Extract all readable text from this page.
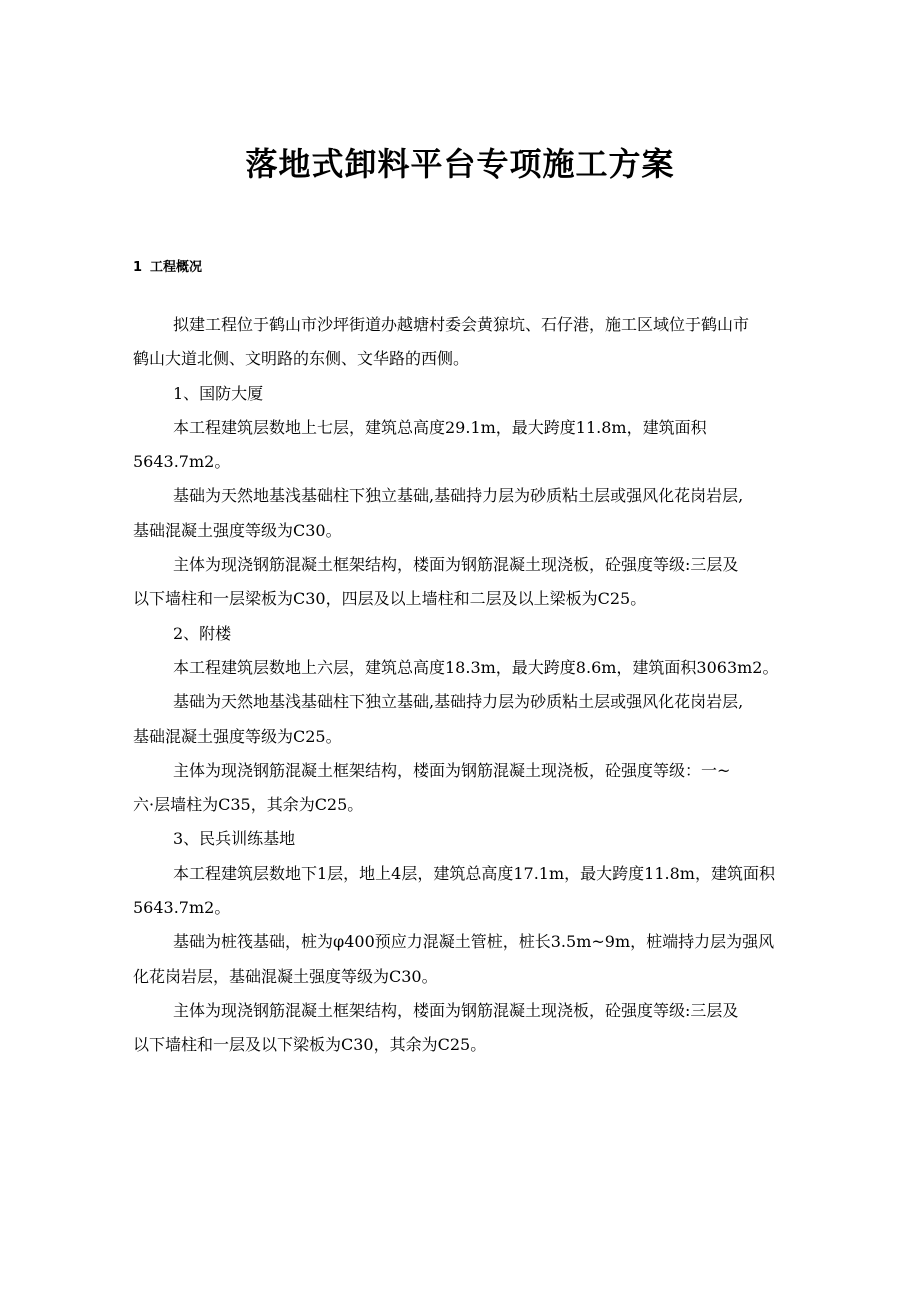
落地式卸料平台专项施工方案
1 工程概况

拟建工程位于鹤山市沙坪街道办越塘村委会黄猄坑、石仔港，施工区域位于鹤山市
鹤山大道北侧、文明路的东侧、文华路的西侧。

1、国防大厦

本工程建筑层数地上七层，建筑总高度29.1m，最大跨度11.8m，建筑面积
5643.7m2。

基础为天然地基浅基础柱下独立基础,基础持力层为砂质粘土层或强风化花岗岩层,
基础混凝土强度等级为C30。

主体为现浇钢筋混凝土框架结构，楼面为钢筋混凝土现浇板，砼强度等级:三层及
以下墙柱和一层梁板为C30，四层及以上墙柱和二层及以上梁板为C25。

2、附楼

本工程建筑层数地上六层，建筑总高度18.3m，最大跨度8.6m，建筑面积3063m2。

基础为天然地基浅基础柱下独立基础,基础持力层为砂质粘土层或强风化花岗岩层,
基础混凝土强度等级为C25。

主体为现浇钢筋混凝土框架结构，楼面为钢筋混凝土现浇板，砼强度等级：一~
六·层墙柱为C35，其余为C25。

3、民兵训练基地

本工程建筑层数地下1层，地上4层，建筑总高度17.1m，最大跨度11.8m，建筑面积
5643.7m2。

基础为桩筏基础，桩为φ400预应力混凝土管桩，桩长3.5m~9m，桩端持力层为强风
化花岗岩层，基础混凝土强度等级为C30。

主体为现浇钢筋混凝土框架结构，楼面为钢筋混凝土现浇板，砼强度等级:三层及
以下墙柱和一层及以下梁板为C30，其余为C25。
